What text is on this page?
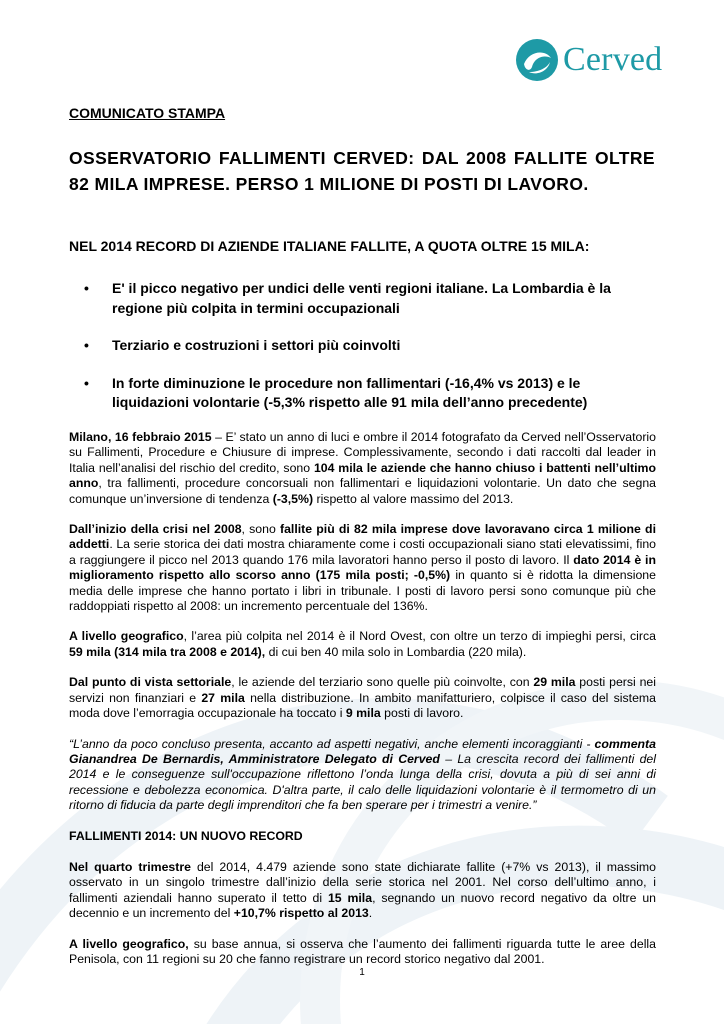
Cerved
COMUNICATO STAMPA
OSSERVATORIO FALLIMENTI CERVED: DAL 2008 FALLITE OLTRE 82 MILA IMPRESE. PERSO 1 MILIONE DI POSTI DI LAVORO.
NEL 2014 RECORD DI AZIENDE ITALIANE FALLITE, A QUOTA OLTRE 15 MILA:
• E' il picco negativo per undici delle venti regioni italiane. La Lombardia è la regione più colpita in termini occupazionali
• Terziario e costruzioni i settori più coinvolti
• In forte diminuzione le procedure non fallimentari (-16,4% vs 2013) e le liquidazioni volontarie (-5,3% rispetto alle 91 mila dell’anno precedente)

Milano, 16 febbraio 2015 – E’ stato un anno di luci e ombre il 2014 fotografato da Cerved nell’Osservatorio su Fallimenti, Procedure e Chiusure di imprese. Complessivamente, secondo i dati raccolti dal leader in Italia nell’analisi del rischio del credito, sono 104 mila le aziende che hanno chiuso i battenti nell’ultimo anno, tra fallimenti, procedure concorsuali non fallimentari e liquidazioni volontarie. Un dato che segna comunque un’inversione di tendenza (-3,5%) rispetto al valore massimo del 2013.

Dall’inizio della crisi nel 2008, sono fallite più di 82 mila imprese dove lavoravano circa 1 milione di addetti. La serie storica dei dati mostra chiaramente come i costi occupazionali siano stati elevatissimi, fino a raggiungere il picco nel 2013 quando 176 mila lavoratori hanno perso il posto di lavoro. Il dato 2014 è in miglioramento rispetto allo scorso anno (175 mila posti; -0,5%) in quanto si è ridotta la dimensione media delle imprese che hanno portato i libri in tribunale. I posti di lavoro persi sono comunque più che raddoppiati rispetto al 2008: un incremento percentuale del 136%.

A livello geografico, l’area più colpita nel 2014 è il Nord Ovest, con oltre un terzo di impieghi persi, circa 59 mila (314 mila tra 2008 e 2014), di cui ben 40 mila solo in Lombardia (220 mila).

Dal punto di vista settoriale, le aziende del terziario sono quelle più coinvolte, con 29 mila posti persi nei servizi non finanziari e 27 mila nella distribuzione. In ambito manifatturiero, colpisce il caso del sistema moda dove l’emorragia occupazionale ha toccato i 9 mila posti di lavoro.

“L’anno da poco concluso presenta, accanto ad aspetti negativi, anche elementi incoraggianti - commenta Gianandrea De Bernardis, Amministratore Delegato di Cerved – La crescita record dei fallimenti del 2014 e le conseguenze sull'occupazione riflettono l’onda lunga della crisi, dovuta a più di sei anni di recessione e debolezza economica. D'altra parte, il calo delle liquidazioni volontarie è il termometro di un ritorno di fiducia da parte degli imprenditori che fa ben sperare per i trimestri a venire.”

FALLIMENTI 2014: UN NUOVO RECORD

Nel quarto trimestre del 2014, 4.479 aziende sono state dichiarate fallite (+7% vs 2013), il massimo osservato in un singolo trimestre dall’inizio della serie storica nel 2001. Nel corso dell’ultimo anno, i fallimenti aziendali hanno superato il tetto di 15 mila, segnando un nuovo record negativo da oltre un decennio e un incremento del +10,7% rispetto al 2013.

A livello geografico, su base annua, si osserva che l’aumento dei fallimenti riguarda tutte le aree della Penisola, con 11 regioni su 20 che fanno registrare un record storico negativo dal 2001.

1
